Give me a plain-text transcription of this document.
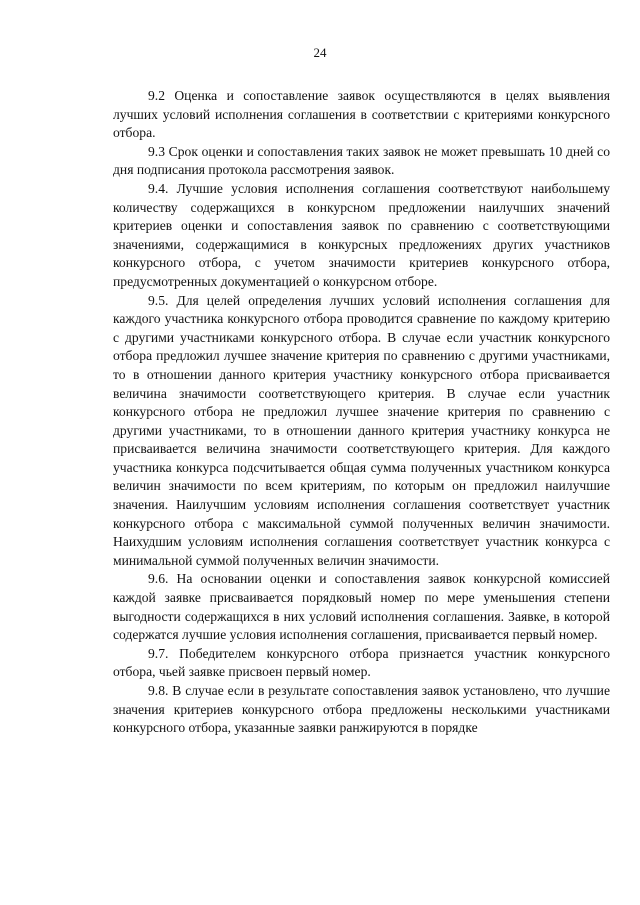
24

9.2 Оценка и сопоставление заявок осуществляются в целях выявления лучших условий исполнения соглашения в соответствии с критериями конкурсного отбора.

9.3 Срок оценки и сопоставления таких заявок не может превышать 10 дней со дня подписания протокола рассмотрения заявок.

9.4. Лучшие условия исполнения соглашения соответствуют наибольшему количеству содержащихся в конкурсном предложении наилучших значений критериев оценки и сопоставления заявок по сравнению с соответствующими значениями, содержащимися в конкурсных предложениях других участников конкурсного отбора, с учетом значимости критериев конкурсного отбора, предусмотренных документацией о конкурсном отборе.

9.5. Для целей определения лучших условий исполнения соглашения для каждого участника конкурсного отбора проводится сравнение по каждому критерию с другими участниками конкурсного отбора. В случае если участник конкурсного отбора предложил лучшее значение критерия по сравнению с другими участниками, то в отношении данного критерия участнику конкурсного отбора присваивается величина значимости соответствующего критерия. В случае если участник конкурсного отбора не предложил лучшее значение критерия по сравнению с другими участниками, то в отношении данного критерия участнику конкурса не присваивается величина значимости соответствующего критерия. Для каждого участника конкурса подсчитывается общая сумма полученных участником конкурса величин значимости по всем критериям, по которым он предложил наилучшие значения. Наилучшим условиям исполнения соглашения соответствует участник конкурсного отбора с максимальной суммой полученных величин значимости. Наихудшим условиям исполнения соглашения соответствует участник конкурса с минимальной суммой полученных величин значимости.

9.6. На основании оценки и сопоставления заявок конкурсной комиссией каждой заявке присваивается порядковый номер по мере уменьшения степени выгодности содержащихся в них условий исполнения соглашения. Заявке, в которой содержатся лучшие условия исполнения соглашения, присваивается первый номер.

9.7. Победителем конкурсного отбора признается участник конкурсного отбора, чьей заявке присвоен первый номер.

9.8. В случае если в результате сопоставления заявок установлено, что лучшие значения критериев конкурсного отбора предложены несколькими участниками конкурсного отбора, указанные заявки ранжируются в порядке
